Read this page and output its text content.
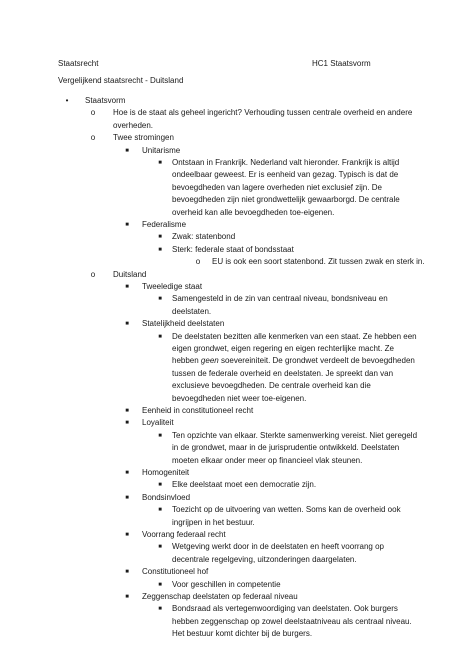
Staatsrecht	HC1 Staatsvorm
Vergelijkend staatsrecht - Duitsland
•	Staatsvorm
o Hoe is de staat als geheel ingericht? Verhouding tussen centrale overheid en andere
overheden.
o Twee stromingen
■ Unitarisme
■ Ontstaan in Frankrijk. Nederland valt hieronder. Frankrijk is altijd
ondeelbaar geweest. Er is eenheid van gezag. Typisch is dat de
bevoegdheden van lagere overheden niet exclusief zijn. De
bevoegdheden zijn niet grondwettelijk gewaarborgd. De centrale
overheid kan alle bevoegdheden toe-eigenen.
■ Federalisme
■ Zwak: statenbond
■ Sterk: federale staat of bondsstaat
o EU is ook een soort statenbond. Zit tussen zwak en sterk in.
o Duitsland
■ Tweeledige staat
■ Samengesteld in de zin van centraal niveau, bondsniveau en
deelstaten.
■ Statelijkheid deelstaten
■ De deelstaten bezitten alle kenmerken van een staat. Ze hebben een
eigen grondwet, eigen regering en eigen rechterlijke macht. Ze
hebben geen soevereiniteit. De grondwet verdeelt de bevoegdheden
tussen de federale overheid en deelstaten. Je spreekt dan van
exclusieve bevoegdheden. De centrale overheid kan die
bevoegdheden niet weer toe-eigenen.
■ Eenheid in constitutioneel recht
■ Loyaliteit
■ Ten opzichte van elkaar. Sterkte samenwerking vereist. Niet geregeld
in de grondwet, maar in de jurisprudentie ontwikkeld. Deelstaten
moeten elkaar onder meer op financieel vlak steunen.
■ Homogeniteit
■ Elke deelstaat moet een democratie zijn.
■ Bondsinvloed
■ Toezicht op de uitvoering van wetten. Soms kan de overheid ook
ingrijpen in het bestuur.
■ Voorrang federaal recht
■ Wetgeving werkt door in de deelstaten en heeft voorrang op
decentrale regelgeving, uitzonderingen daargelaten.
■ Constitutioneel hof
■ Voor geschillen in competentie
■ Zeggenschap deelstaten op federaal niveau
■ Bondsraad als vertegenwoordiging van deelstaten. Ook burgers
hebben zeggenschap op zowel deelstaatniveau als centraal niveau.
Het bestuur komt dichter bij de burgers.
